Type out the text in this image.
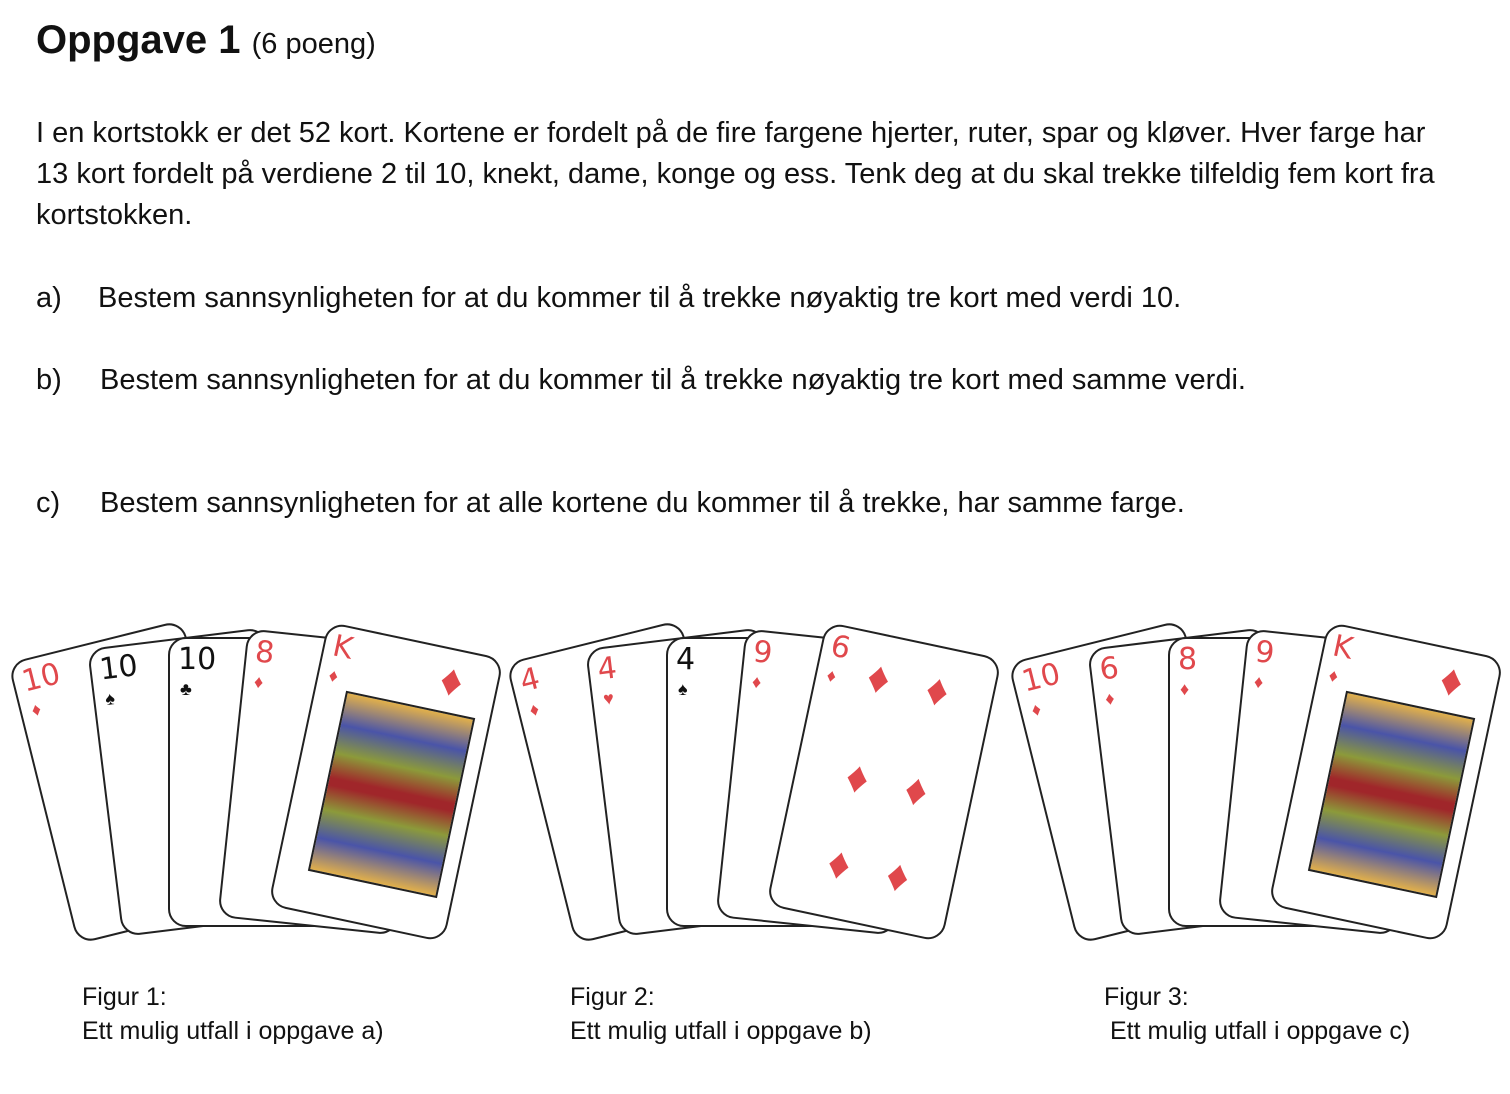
Oppgave 1 (6 poeng)
I en kortstokk er det 52 kort. Kortene er fordelt på de fire fargene hjerter, ruter, spar og kløver. Hver farge har 13 kort fordelt på verdiene 2 til 10, knekt, dame, konge og ess. Tenk deg at du skal trekke tilfeldig fem kort fra kortstokken.
a) Bestem sannsynligheten for at du kommer til å trekke nøyaktig tre kort med verdi 10.
b) Bestem sannsynligheten for at du kommer til å trekke nøyaktig tre kort med samme verdi.
c) Bestem sannsynligheten for at alle kortene du kommer til å trekke, har samme farge.
10
♦
10
♠
10
♣
8
♦
K
♦ ♦ 4
♦
4
♥
4
♠
9
♦
6
♦ ♦ ♦
♦ ♦
♦ ♦
10
♦
6
♦
8
♦
9
♦
K
♦ ♦
Figur 1:
Ett mulig utfall i oppgave a)
Figur 2:
Ett mulig utfall i oppgave b)
Figur 3:
Ett mulig utfall i oppgave c)
